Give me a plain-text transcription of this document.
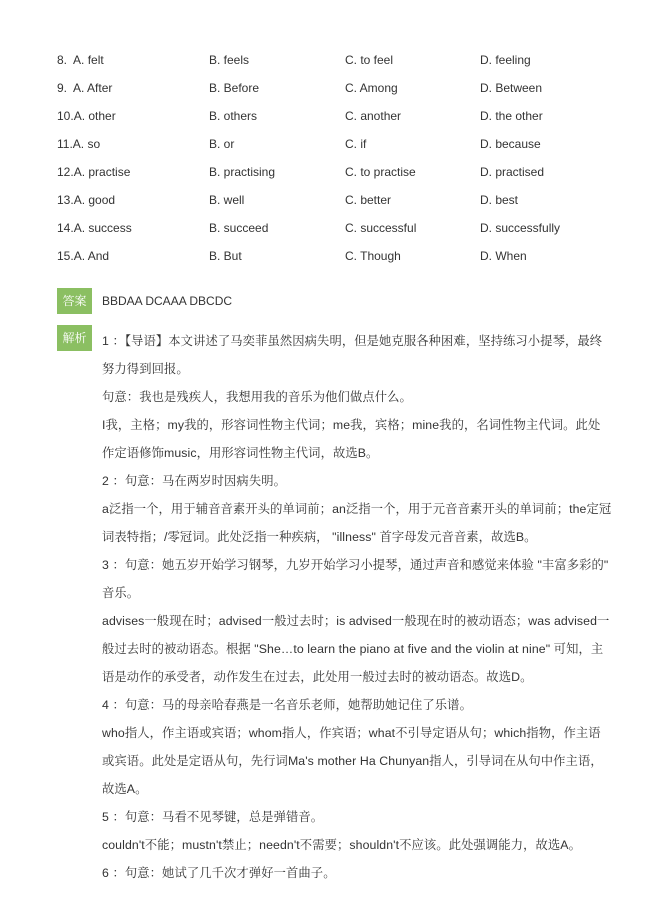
8. A. felt	B. feels	C. to feel	D. feeling
9. A. After	B. Before	C. Among	D. Between
10.A. other	B. others	C. another	D. the other
11.A. so	B. or	C. if	D. because
12.A. practise	B. practising	C. to practise	D. practised
13.A. good	B. well	C. better	D. best
14.A. success	B. succeed	C. successful	D. successfully
15.A. And	B. But	C. Though	D. When
答案	BBDAA DCAAA DBCDC
解析	1 ：【导语】本文讲述了马奕菲虽然因病失明，但是她克服各种困难，坚持练习小提琴，最终

努力得到回报。

句意：我也是残疾人，我想用我的音乐为他们做点什么。

I我，主格；my我的，形容词性物主代词；me我，宾格；mine我的，名词性物主代词。此处

作定语修饰music，用形容词性物主代词，故选B。

2 ：句意：马在两岁时因病失明。

a泛指一个，用于辅音音素开头的单词前；an泛指一个，用于元音音素开头的单词前；the定冠

词表特指；/零冠词。此处泛指一种疾病， "illness" 首字母发元音音素，故选B。

3 ：句意：她五岁开始学习钢琴，九岁开始学习小提琴，通过声音和感觉来体验 "丰富多彩的"

音乐。

advises一般现在时；advised一般过去时；is advised一般现在时的被动语态；was advised一

般过去时的被动语态。根据 "She…to learn the piano at five and the violin at nine" 可知，主

语是动作的承受者，动作发生在过去，此处用一般过去时的被动语态。故选D。

4 ：句意：马的母亲哈春燕是一名音乐老师，她帮助她记住了乐谱。

who指人，作主语或宾语；whom指人，作宾语；what不引导定语从句；which指物，作主语

或宾语。此处是定语从句，先行词Ma's mother Ha Chunyan指人，引导词在从句中作主语，

故选A。

5 ：句意：马看不见琴键，总是弹错音。

couldn't不能；mustn't禁止；needn't不需要；shouldn't不应该。此处强调能力，故选A。

6 ：句意：她试了几千次才弹好一首曲子。
